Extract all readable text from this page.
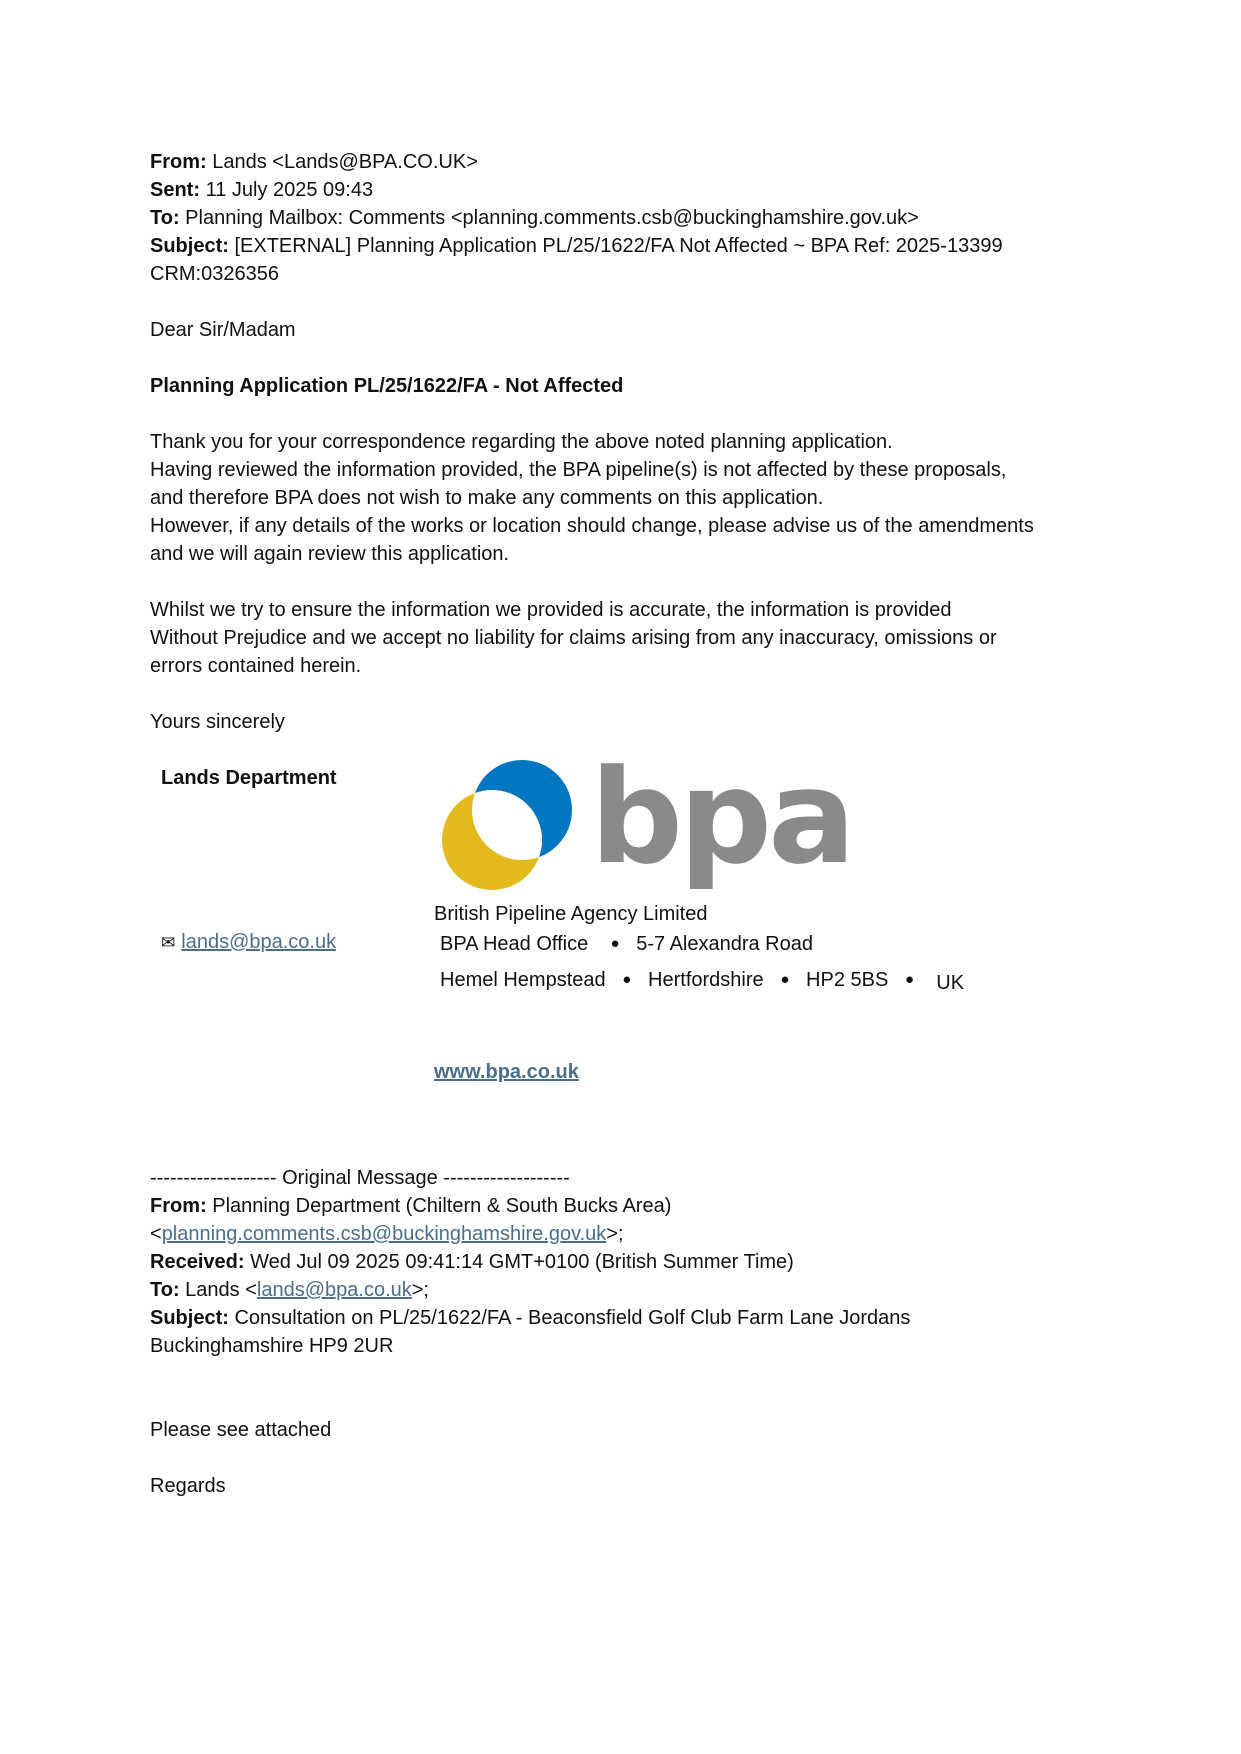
From: Lands <Lands@BPA.CO.UK>
Sent: 11 July 2025 09:43
To: Planning Mailbox: Comments <planning.comments.csb@buckinghamshire.gov.uk>
Subject: [EXTERNAL] Planning Application PL/25/1622/FA Not Affected ~ BPA Ref: 2025-13399
CRM:0326356
Dear Sir/Madam
Planning Application PL/25/1622/FA - Not Affected
Thank you for your correspondence regarding the above noted planning application.
Having reviewed the information provided, the BPA pipeline(s) is not affected by these proposals,
and therefore BPA does not wish to make any comments on this application.
However, if any details of the works or location should change, please advise us of the amendments
and we will again review this application.
Whilst we try to ensure the information we provided is accurate, the information is provided
Without Prejudice and we accept no liability for claims arising from any inaccuracy, omissions or
errors contained herein.
Yours sincerely
Lands Department bpa
British Pipeline Agency Limited
✉ lands@bpa.co.uk	BPA Head Office ● 5-7 Alexandra Road
Hemel Hempstead ● Hertfordshire ● HP2 5BS ● UK
www.bpa.co.uk
------------------- Original Message -------------------
From: Planning Department (Chiltern & South Bucks Area)
<planning.comments.csb@buckinghamshire.gov.uk>;
Received: Wed Jul 09 2025 09:41:14 GMT+0100 (British Summer Time)
To: Lands <lands@bpa.co.uk>;
Subject: Consultation on PL/25/1622/FA - Beaconsfield Golf Club Farm Lane Jordans
Buckinghamshire HP9 2UR
Please see attached
Regards
